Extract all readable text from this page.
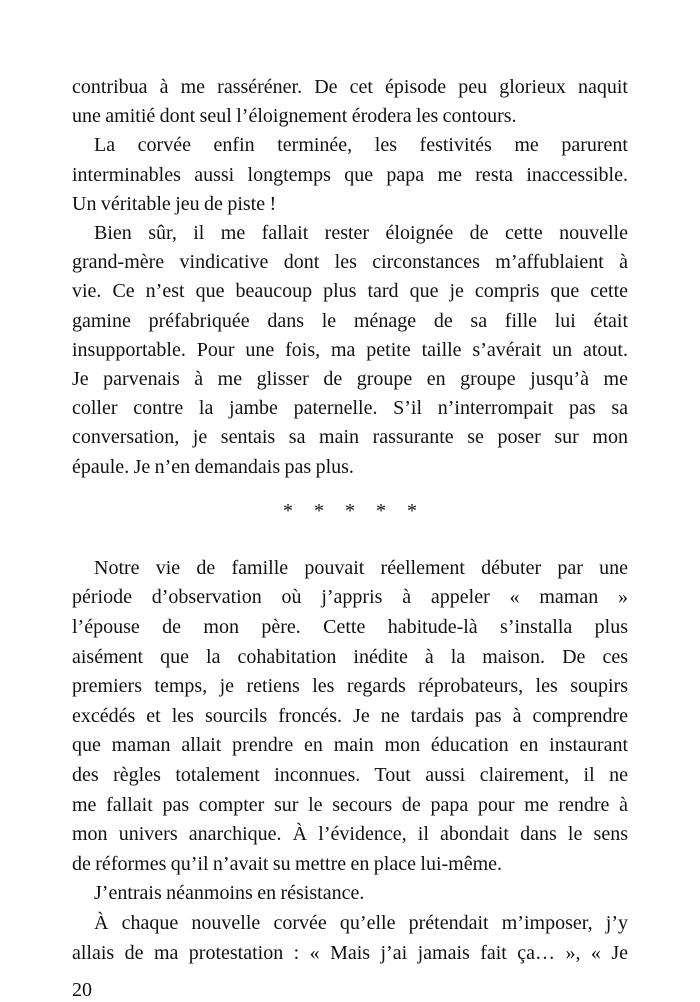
contribua à me rasséréner. De cet épisode peu glorieux naquit
une amitié dont seul l’éloignement érodera les contours.
La corvée enfin terminée, les festivités me parurent
interminables aussi longtemps que papa me resta inaccessible.
Un véritable jeu de piste !
Bien sûr, il me fallait rester éloignée de cette nouvelle
grand-mère vindicative dont les circonstances m’affublaient à
vie. Ce n’est que beaucoup plus tard que je compris que cette
gamine préfabriquée dans le ménage de sa fille lui était
insupportable. Pour une fois, ma petite taille s’avérait un atout.
Je parvenais à me glisser de groupe en groupe jusqu’à me
coller contre la jambe paternelle. S’il n’interrompait pas sa
conversation, je sentais sa main rassurante se poser sur mon
épaule. Je n’en demandais pas plus.
* * * * *
Notre vie de famille pouvait réellement débuter par une
période d’observation où j’appris à appeler « maman »
l’épouse de mon père. Cette habitude-là s’installa plus
aisément que la cohabitation inédite à la maison. De ces
premiers temps, je retiens les regards réprobateurs, les soupirs
excédés et les sourcils froncés. Je ne tardais pas à comprendre
que maman allait prendre en main mon éducation en instaurant
des règles totalement inconnues. Tout aussi clairement, il ne
me fallait pas compter sur le secours de papa pour me rendre à
mon univers anarchique. À l’évidence, il abondait dans le sens
de réformes qu’il n’avait su mettre en place lui-même.
J’entrais néanmoins en résistance.
À chaque nouvelle corvée qu’elle prétendait m’imposer, j’y
allais de ma protestation : « Mais j’ai jamais fait ça… », « Je
20
